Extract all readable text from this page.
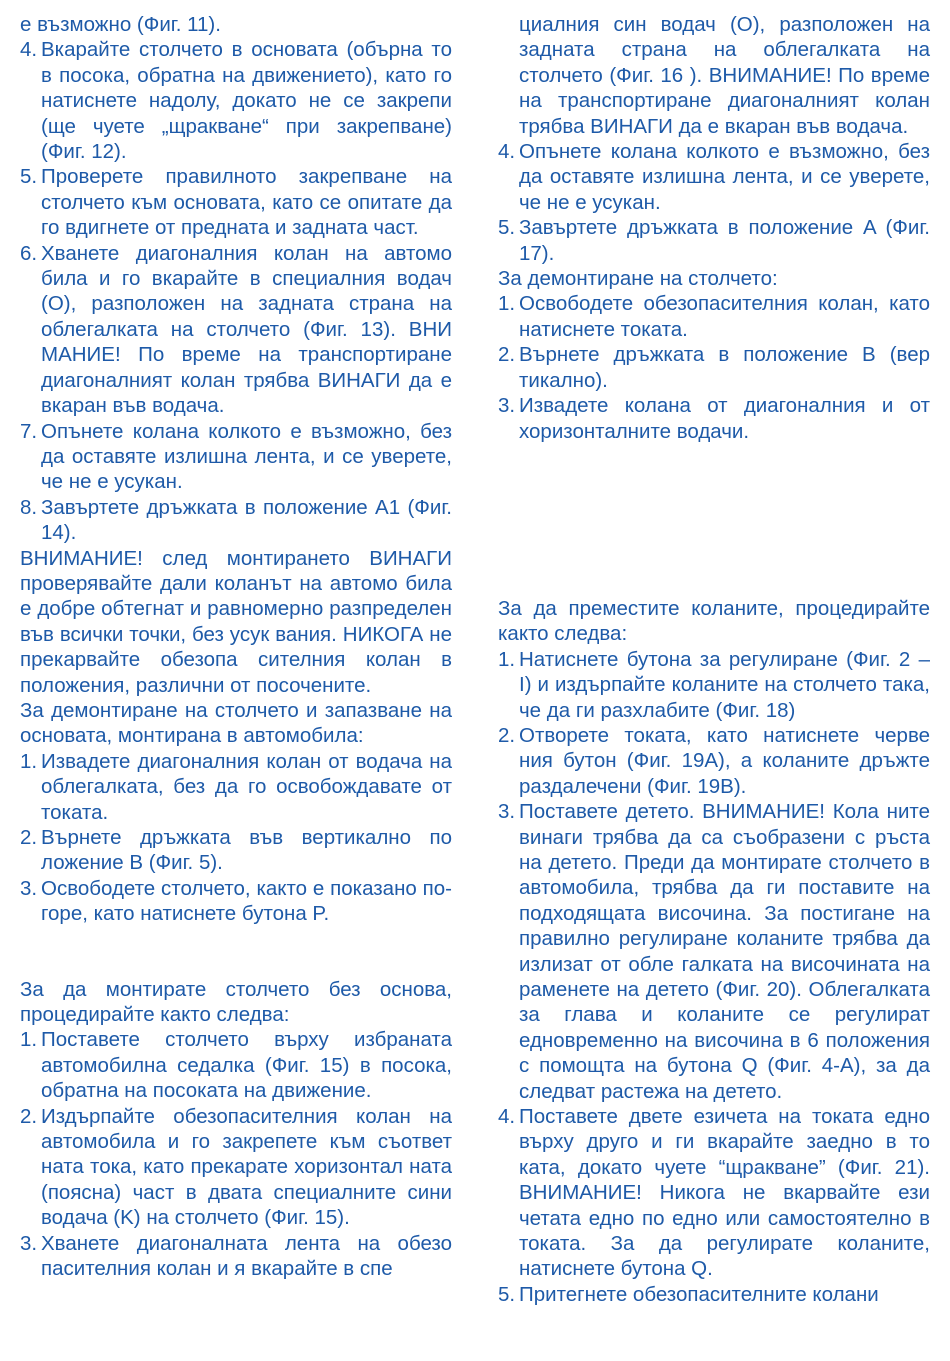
е възможно (Фиг. 11).

4. Вкарайте столчето в основата (обърна то в посока, обратна на движението), като го натиснете надолу, докато не се закрепи (ще чуете „щракване“ при закрепване) (Фиг. 12).
5. Проверете правилното закрепване на столчето към основата, като се опитате да го вдигнете от предната и задната част.
6. Хванете диагоналния колан на автомо била и го вкарайте в специалния водач (O), разположен на задната страна на облегалката на столчето (Фиг. 13). ВНИ МАНИЕ! По време на транспортиране диагоналният колан трябва ВИНАГИ да е вкаран във водача.
7. Опънете колана колкото е възможно, без да оставяте излишна лента, и се уверете, че не е усукан.
8. Завъртете дръжката в положение A1 (Фиг. 14).

ВНИМАНИЕ! след монтирането ВИНАГИ проверявайте дали коланът на автомо била е добре обтегнат и равномерно разпределен във всички точки, без усук вания. НИКОГА не прекарвайте обезопа сителния колан в положения, различни от посочените.

За демонтиране на столчето и запазване на основата, монтирана в автомобила:

1. Извадете диагоналния колан от водача на облегалката, без да го освобождавате от токата.
2. Върнете дръжката във вертикално по ложение B (Фиг. 5).
3. Освободете столчето, както е показано по-горе, като натиснете бутона P.

За да монтирате столчето без основа, процедирайте както следва:

1. Поставете столчето върху избраната автомобилна седалка (Фиг. 15) в посока, обратна на посоката на движение.
2. Издърпайте обезопасителния колан на автомобила и го закрепете към съответ ната тока, като прекарате хоризонтал ната (поясна) част в двата специалните сини водача (K) на столчето (Фиг. 15).
3. Хванете диагоналната лента на обезо пасителния колан и я вкарайте в спе
циалния син водач (O), разположен на задната страна на облегалката на столчето (Фиг. 16 ). ВНИМАНИЕ! По време на транспортиране диагоналният колан трябва ВИНАГИ да е вкаран във водача.
4. Опънете колана колкото е възможно, без да оставяте излишна лента, и се уверете, че не е усукан.
5. Завъртете дръжката в положение A (Фиг. 17).

За демонтиране на столчето:

1. Освободете обезопасителния колан, като натиснете токата.
2. Върнете дръжката в положение B (вер тикално).
3. Извадете колана от диагоналния и от хоризонталните водачи.

За да преместите коланите, процедирайте както следва:

1. Натиснете бутона за регулиране (Фиг. 2 – I) и издърпайте коланите на столчето така, че да ги разхлабите (Фиг. 18)
2. Отворете токата, като натиснете черве ния бутон (Фиг. 19A), а коланите дръжте раздалечени (Фиг. 19B).
3. Поставете детето. ВНИМАНИЕ! Кола ните винаги трябва да са съобразени с ръста на детето. Преди да монтирате столчето в автомобила, трябва да ги поставите на подходящата височина. За постигане на правилно регулиране коланите трябва да излизат от обле галката на височината на раменете на детето (Фиг. 20). Облегалката за глава и коланите се регулират едновременно на височина в 6 положения с помощта на бутона Q (Фиг. 4-A), за да следват растежа на детето.
4. Поставете двете езичета на токата едно върху друго и ги вкарайте заедно в то ката, докато чуете “щракване” (Фиг. 21). ВНИМАНИЕ! Никога не вкарвайте ези четата едно по едно или самостоятелно в токата. За да регулирате коланите, натиснете бутона Q.
5. Притегнете обезопасителните колани
